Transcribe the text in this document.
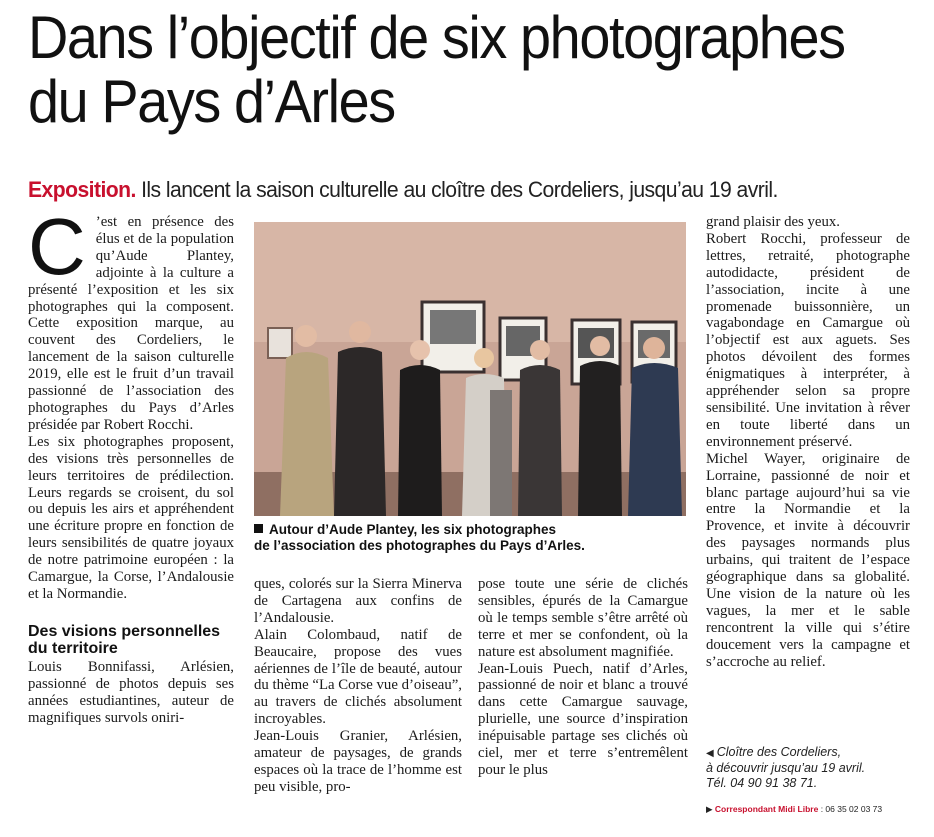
Dans l’objectif de six photographes du Pays d’Arles

Exposition. Ils lancent la saison culturelle au cloître des Cordeliers, jusqu’au 19 avril.

C ’est en présence des élus et de la population qu’Aude Plantey, adjointe à la culture a présenté l’exposition et les six photographes qui la composent. Cette exposition marque, au couvent des Cordeliers, le lancement de la saison culturelle 2019, elle est le fruit d’un travail passionné de l’association des photographes du Pays d’Arles présidée par Robert Rocchi.

Les six photographes proposent, des visions très personnelles de leurs territoires de prédilection. Leurs regards se croisent, du sol ou depuis les airs et appréhendent une écriture propre en fonction de leurs sensibilités de quatre joyaux de notre patrimoine européen : la Camargue, la Corse, l’Andalousie et la Normandie.

Des visions personnelles du territoire

Louis Bonnifassi, Arlésien, passionné de photos depuis ses années estudiantines, auteur de magnifiques survols oniri-

Autour d’Aude Plantey, les six photographes
de l’association des photographes du Pays d’Arles.

ques, colorés sur la Sierra Minerva de Cartagena aux confins de l’Andalousie.

Alain Colombaud, natif de Beaucaire, propose des vues aériennes de l’île de beauté, autour du thème “La Corse vue d’oiseau”, au travers de clichés absolument incroyables.

Jean-Louis Granier, Arlésien, amateur de paysages, de grands espaces où la trace de l’homme est peu visible, pro-

pose toute une série de clichés sensibles, épurés de la Camargue où le temps semble s’être arrêté où terre et mer se confondent, où la nature est absolument magnifiée.

Jean-Louis Puech, natif d’Arles, passionné de noir et blanc a trouvé dans cette Camargue sauvage, plurielle, une source d’inspiration inépuisable partage ses clichés où ciel, mer et terre s’entremêlent pour le plus

grand plaisir des yeux.

Robert Rocchi, professeur de lettres, retraité, photographe autodidacte, président de l’association, incite à une promenade buissonnière, un vagabondage en Camargue où l’objectif est aux aguets. Ses photos dévoilent des formes énigmatiques à interpréter, à appréhender selon sa propre sensibilité. Une invitation à rêver en toute liberté dans un environnement préservé.

Michel Wayer, originaire de Lorraine, passionné de noir et blanc partage aujourd’hui sa vie entre la Normandie et la Provence, et invite à découvrir des paysages normands plus urbains, qui traitent de l’espace géographique dans sa globalité. Une vision de la nature où les vagues, la mer et le sable rencontrent la ville qui s’étire doucement vers la campagne et s’accroche au relief.

◀ Cloître des Cordeliers,
à découvrir jusqu’au 19 avril.
Tél. 04 90 91 38 71.
▶ Correspondant Midi Libre : 06 35 02 03 73
